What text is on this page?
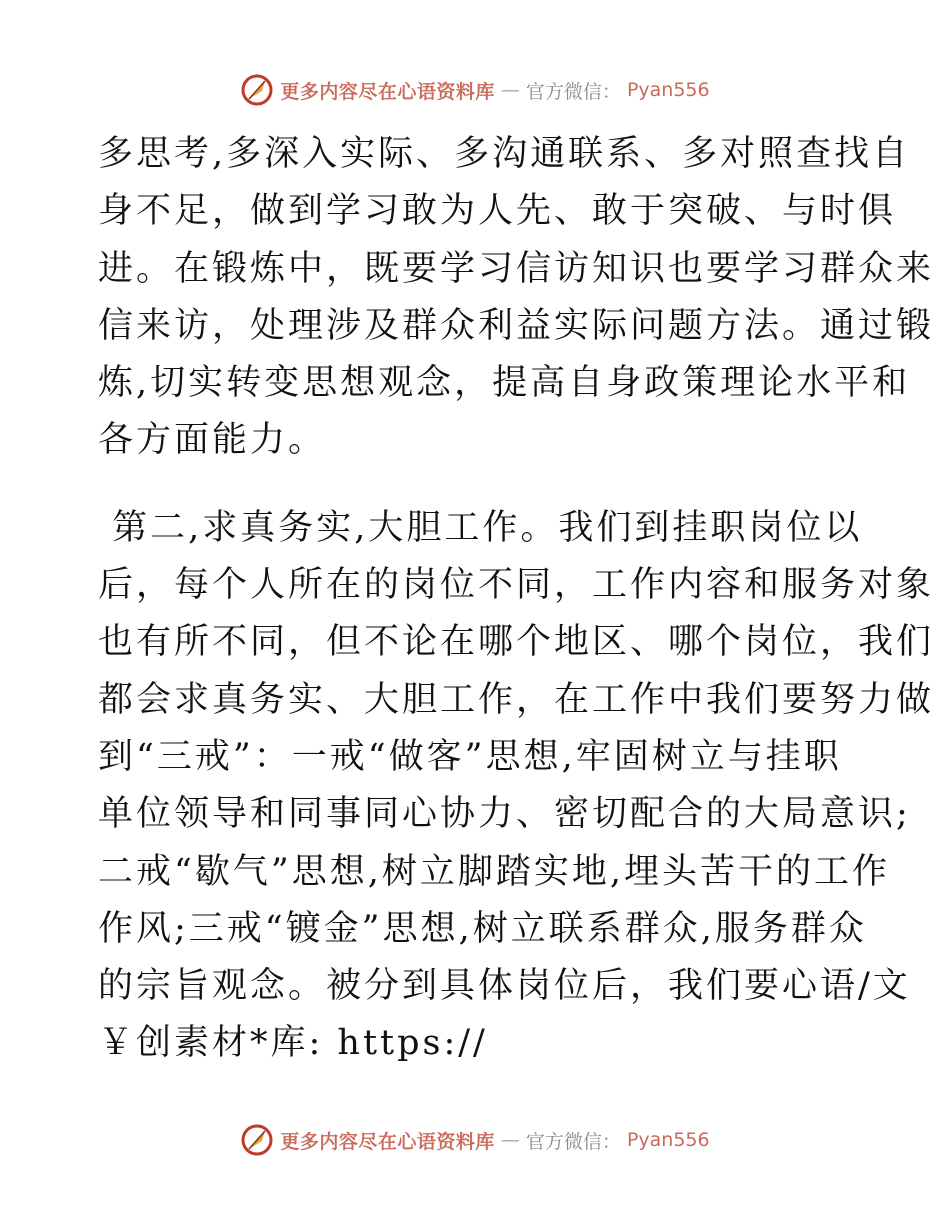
更多内容尽在心语资料库 — 官方微信： Pyan556

多思考,多深入实际、多沟通联系、多对照查找自
身不足，做到学习敢为人先、敢于突破、与时俱
进。在锻炼中，既要学习信访知识也要学习群众来
信来访，处理涉及群众利益实际问题方法。通过锻
炼,切实转变思想观念，提高自身政策理论水平和
各方面能力。

第二,求真务实,大胆工作。我们到挂职岗位以
后，每个人所在的岗位不同，工作内容和服务对象
也有所不同，但不论在哪个地区、哪个岗位，我们
都会求真务实、大胆工作，在工作中我们要努力做
到“三戒”：一戒“做客”思想,牢固树立与挂职
单位领导和同事同心协力、密切配合的大局意识;
二戒“歇气”思想,树立脚踏实地,埋头苦干的工作
作风;三戒“镀金”思想,树立联系群众,服务群众
的宗旨观念。被分到具体岗位后，我们要心语/文
￥创素材*库: https://

更多内容尽在心语资料库 — 官方微信： Pyan556
